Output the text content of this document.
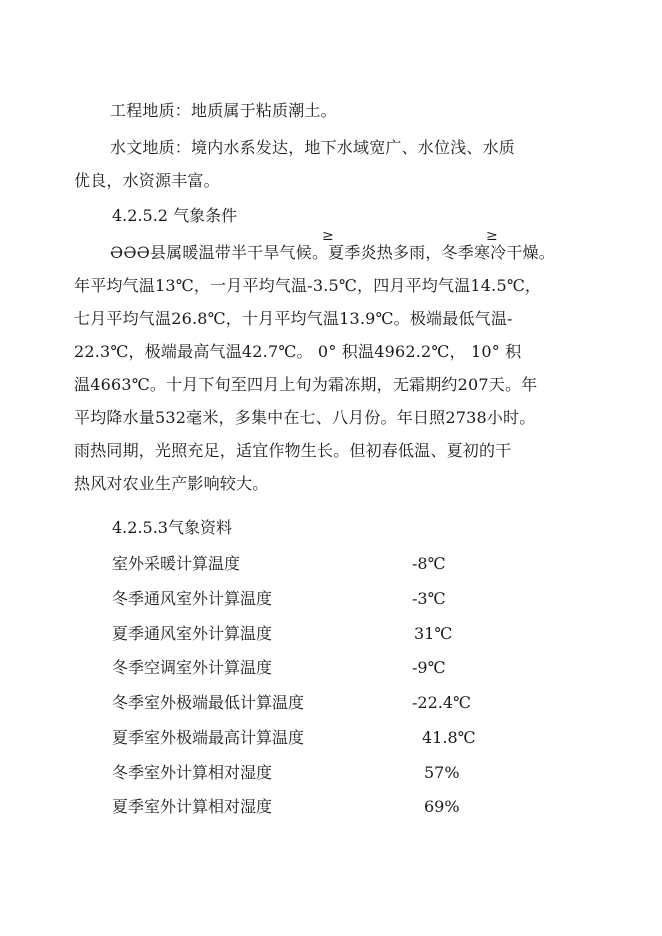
工程地质：地质属于粘质潮土。

水文地质：境内水系发达，地下水域宽广、水位浅、水质
优良，水资源丰富。

4.2.5.2 气象条件

ƏƏƏ县属暖温带半干旱气候。夏季炎热多雨，冬季寒冷干燥。
年平均气温13℃，一月平均气温-3.5℃，四月平均气温14.5℃，
七月平均气温26.8℃，十月平均气温13.9℃。极端最低气温-
22.3℃，极端最高气温42.7℃。 0° 积温4962.2℃， 10° 积
温4663℃。十月下旬至四月上旬为霜冻期，无霜期约207天。年
平均降水量532毫米，多集中在七、八月份。年日照2738小时。
雨热同期，光照充足，适宜作物生长。但初春低温、夏初的干
热风对农业生产影响较大。

≥	≥
4.2.5.3气象资料
室外采暖计算温度	-8℃
冬季通风室外计算温度	-3℃
夏季通风室外计算温度	31℃
冬季空调室外计算温度	-9℃
冬季室外极端最低计算温度	-22.4℃
夏季室外极端最高计算温度	41.8℃
冬季室外计算相对湿度	57%
夏季室外计算相对湿度	69%
